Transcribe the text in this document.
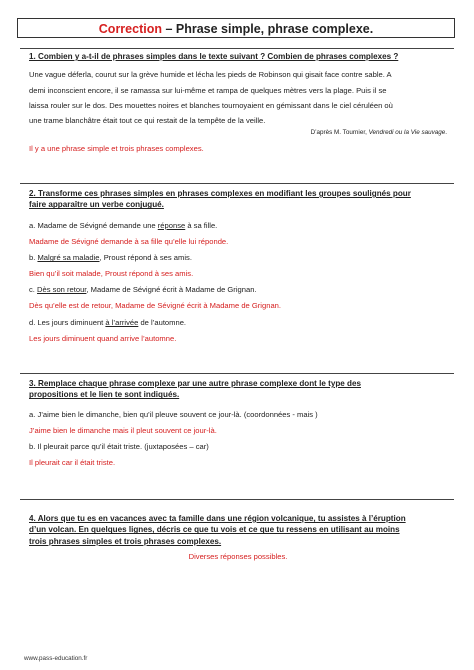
Correction – Phrase simple, phrase complexe.

1. Combien y a-t-il de phrases simples dans le texte suivant ? Combien de phrases complexes ?

Une vague déferla, courut sur la grève humide et lécha les pieds de Robinson qui gisait face contre sable. A
demi inconscient encore, il se ramassa sur lui-même et rampa de quelques mètres vers la plage. Puis il se
laissa rouler sur le dos. Des mouettes noires et blanches tournoyaient en gémissant dans le ciel céruléen où
une trame blanchâtre était tout ce qui restait de la tempête de la veille.

D’après M. Tournier, Vendredi ou la Vie sauvage.

Il y a une phrase simple et trois phrases complexes.

2. Transforme ces phrases simples en phrases complexes en modifiant les groupes soulignés pour
faire apparaître un verbe conjugué.

a. Madame de Sévigné demande une réponse à sa fille.

Madame de Sévigné demande à sa fille qu’elle lui réponde.

b. Malgré sa maladie, Proust répond à ses amis.

Bien qu’il soit malade, Proust répond à ses amis.

c. Dès son retour, Madame de Sévigné écrit à Madame de Grignan.

Dès qu’elle est de retour, Madame de Sévigné écrit à Madame de Grignan.

d. Les jours diminuent à l’arrivée de l’automne.

Les jours diminuent quand arrive l’automne.

3. Remplace chaque phrase complexe par une autre phrase complexe dont le type des
propositions et le lien te sont indiqués.

a. J’aime bien le dimanche, bien qu’il pleuve souvent ce jour-là. (coordonnées - mais )

J’aime bien le dimanche mais il pleut souvent ce jour-là.

b. Il pleurait parce qu’il était triste. (juxtaposées – car)

Il pleurait car il était triste.

4. Alors que tu es en vacances avec ta famille dans une région volcanique, tu assistes à l’éruption
d’un volcan. En quelques lignes, décris ce que tu vois et ce que tu ressens en utilisant au moins
trois phrases simples et trois phrases complexes.

Diverses réponses possibles.

www.pass-education.fr
